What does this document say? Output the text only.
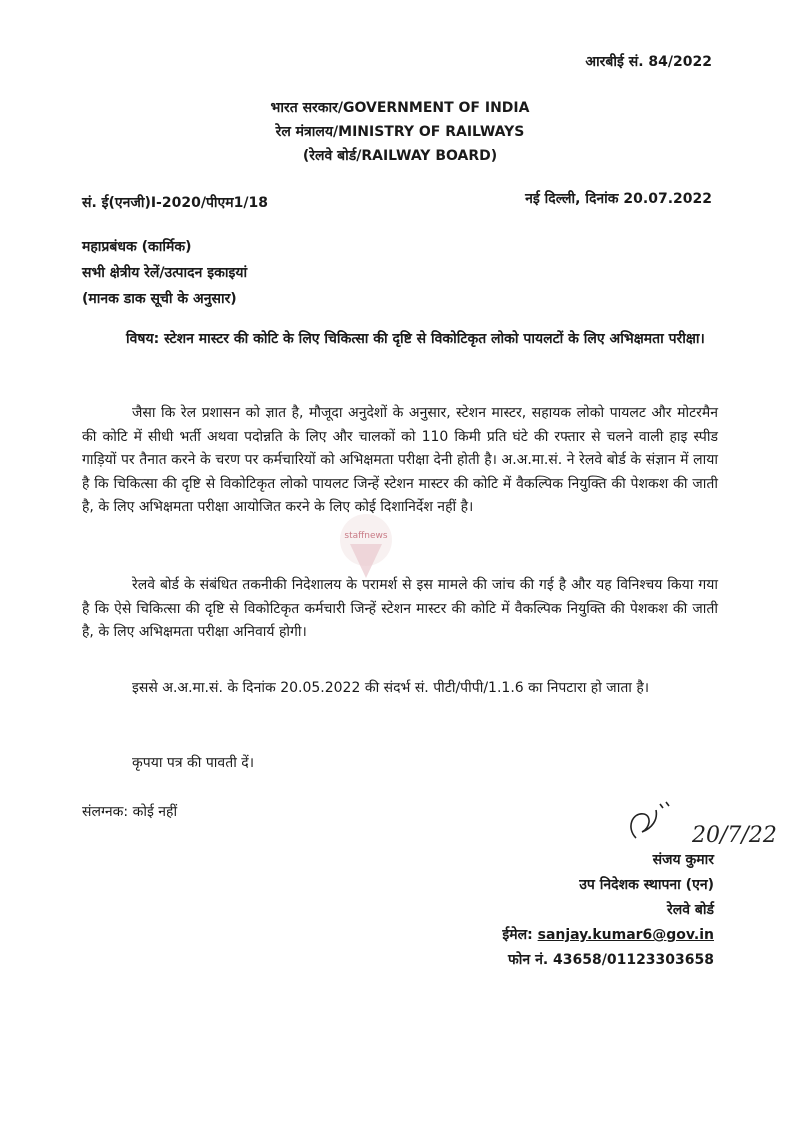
आरबीई सं. 84/2022
भारत सरकार/GOVERNMENT OF INDIA
रेल मंत्रालय/MINISTRY OF RAILWAYS
(रेलवे बोर्ड/RAILWAY BOARD)
सं. ई(एनजी)I-2020/पीएम1/18	नई दिल्ली, दिनांक 20.07.2022
महाप्रबंधक (कार्मिक)
सभी क्षेत्रीय रेलें/उत्पादन इकाइयां
(मानक डाक सूची के अनुसार)
विषय: स्टेशन मास्टर की कोटि के लिए चिकित्सा की दृष्टि से विकोटिकृत लोको पायलटों के लिए अभिक्षमता परीक्षा।
staffnews
जैसा कि रेल प्रशासन को ज्ञात है, मौजूदा अनुदेशों के अनुसार, स्टेशन मास्टर, सहायक लोको पायलट और मोटरमैन की कोटि में सीधी भर्ती अथवा पदोन्नति के लिए और चालकों को 110 किमी प्रति घंटे की रफ्तार से चलने वाली हाइ स्पीड गाड़ियों पर तैनात करने के चरण पर कर्मचारियों को अभिक्षमता परीक्षा देनी होती है। अ.अ.मा.सं. ने रेलवे बोर्ड के संज्ञान में लाया है कि चिकित्सा की दृष्टि से विकोटिकृत लोको पायलट जिन्हें स्टेशन मास्टर की कोटि में वैकल्पिक नियुक्ति की पेशकश की जाती है, के लिए अभिक्षमता परीक्षा आयोजित करने के लिए कोई दिशानिर्देश नहीं है।
रेलवे बोर्ड के संबंधित तकनीकी निदेशालय के परामर्श से इस मामले की जांच की गई है और यह विनिश्चय किया गया है कि ऐसे चिकित्सा की दृष्टि से विकोटिकृत कर्मचारी जिन्हें स्टेशन मास्टर की कोटि में वैकल्पिक नियुक्ति की पेशकश की जाती है, के लिए अभिक्षमता परीक्षा अनिवार्य होगी।
इससे अ.अ.मा.सं. के दिनांक 20.05.2022 की संदर्भ सं. पीटी/पीपी/1.1.6 का निपटारा हो जाता है।
कृपया पत्र की पावती दें।
संलग्नक: कोई नहीं
20/7/22
संजय कुमार
उप निदेशक स्थापना (एन)
रेलवे बोर्ड
ईमेल: sanjay.kumar6@gov.in
फोन नं. 43658/01123303658
